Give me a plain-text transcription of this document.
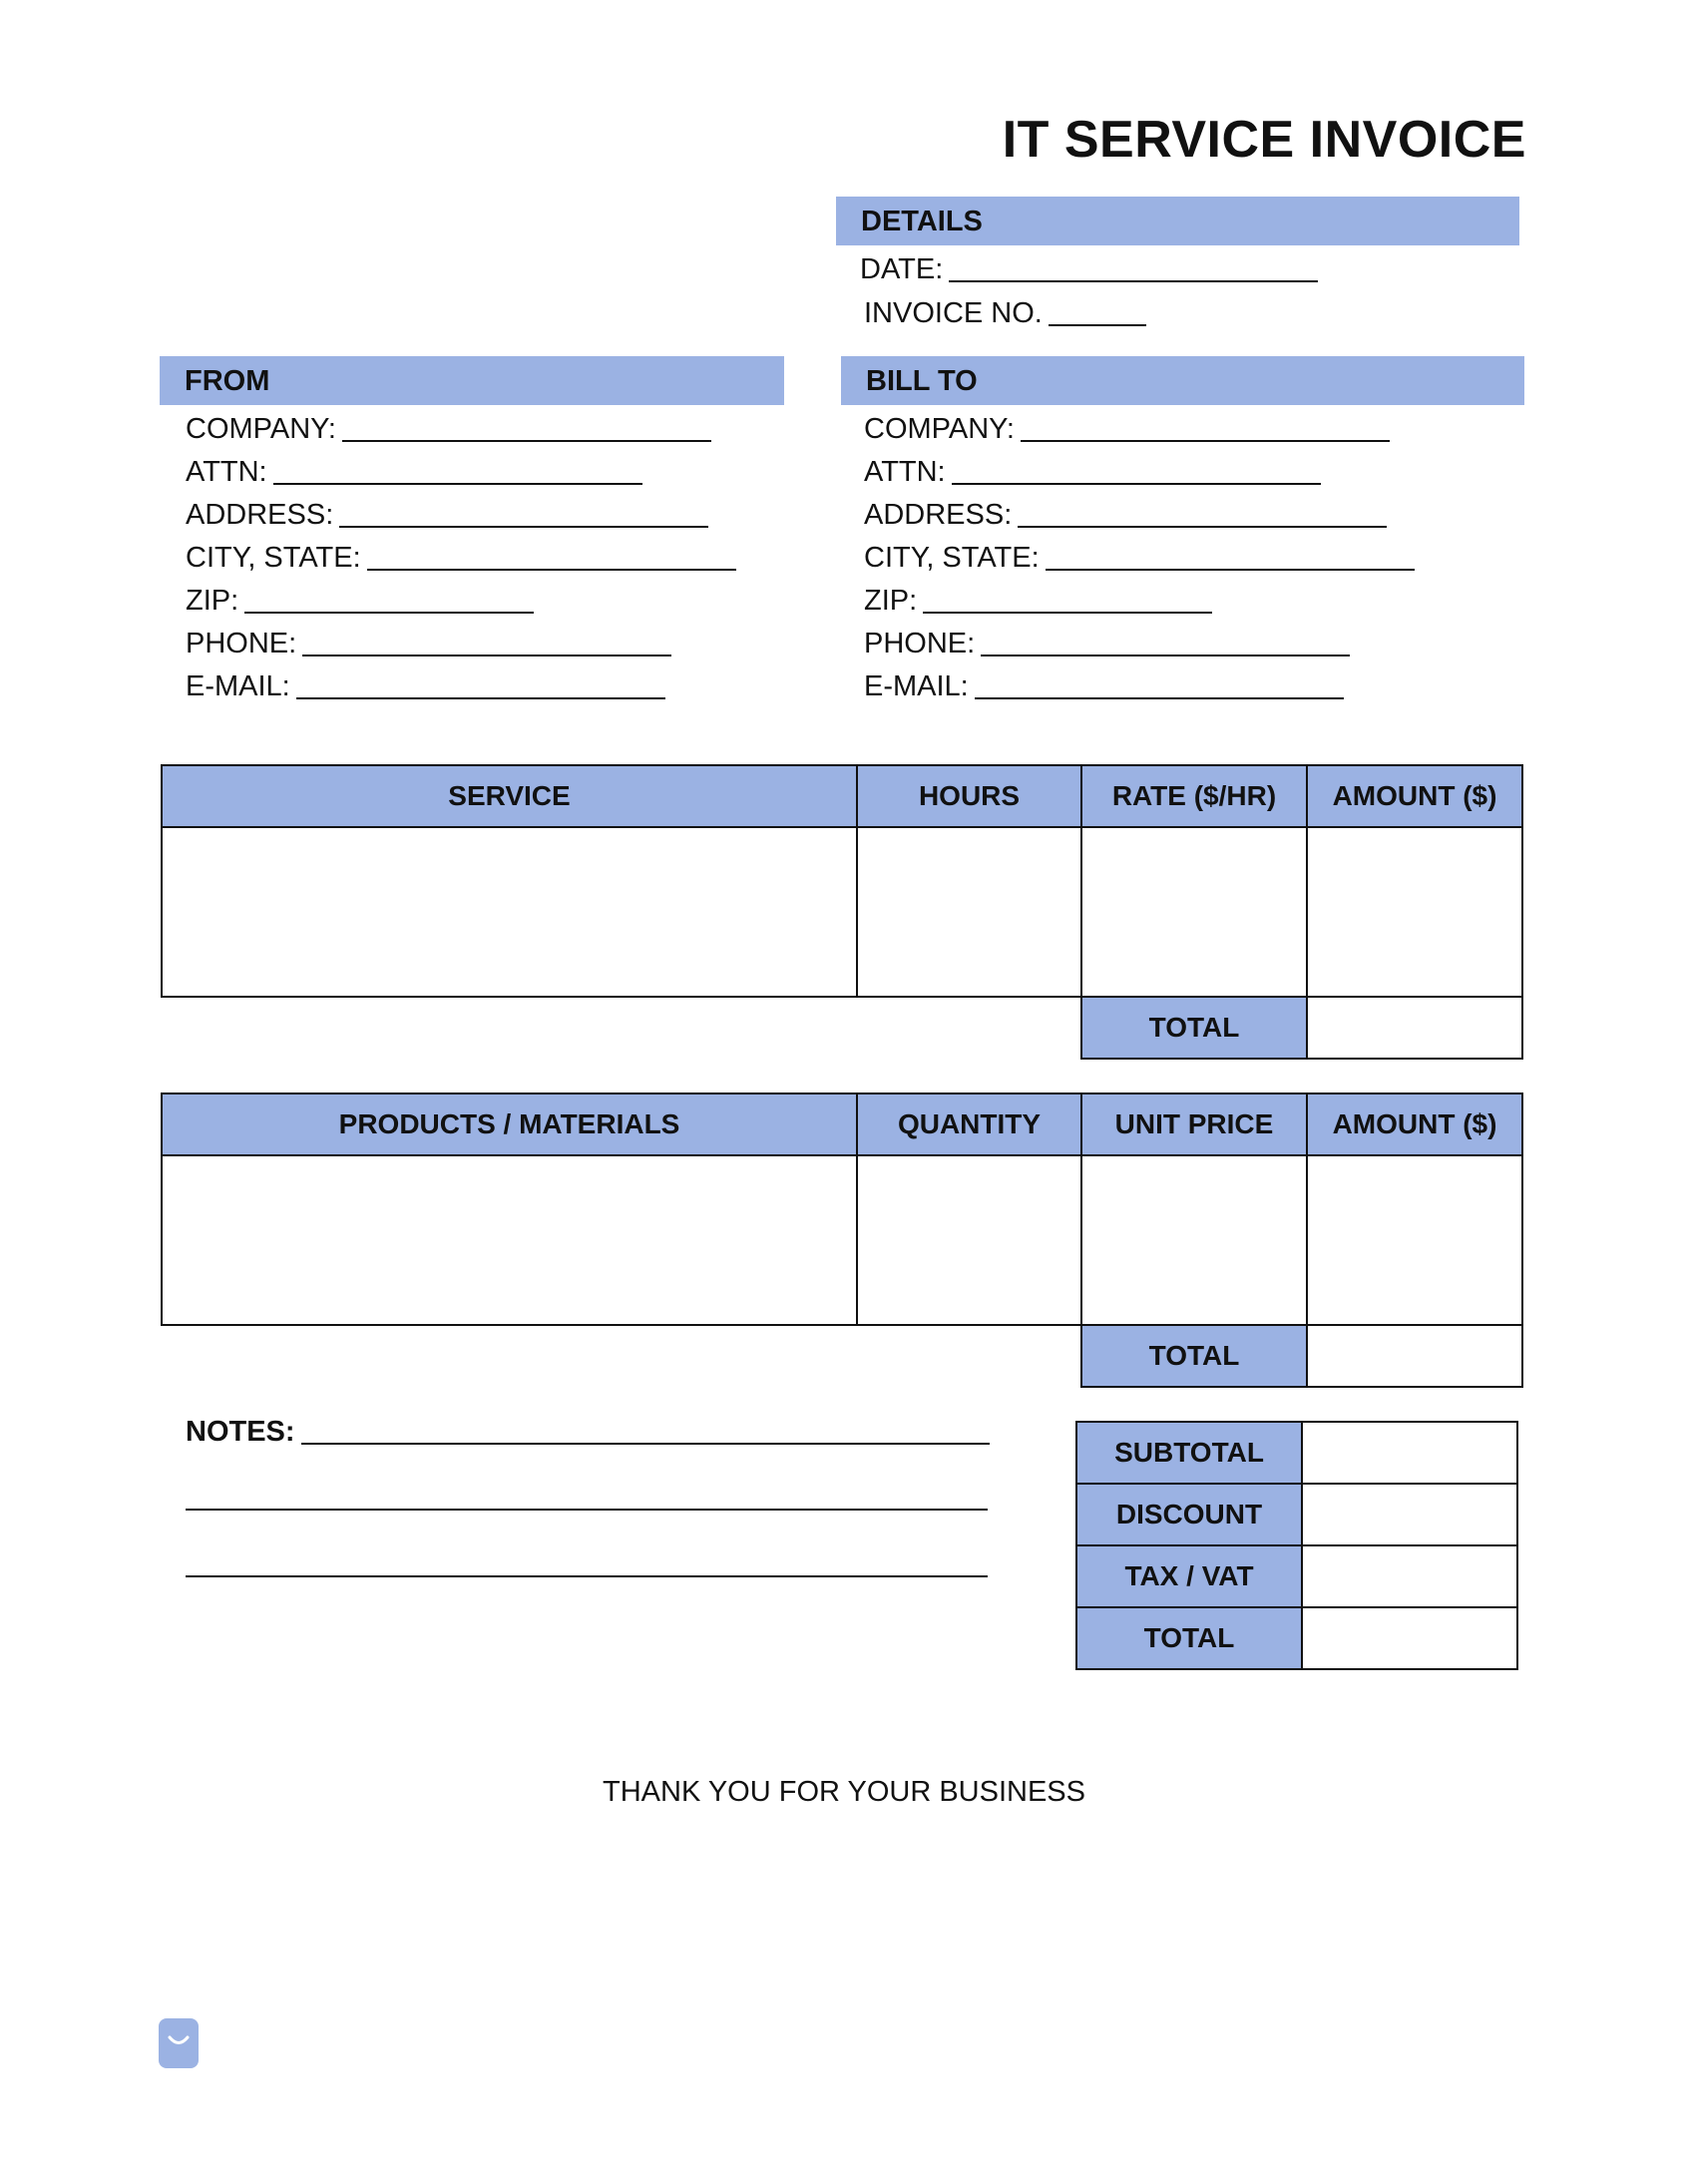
IT SERVICE INVOICE
DETAILS
DATE:
INVOICE NO.
FROM
COMPANY:
ATTN:
ADDRESS:
CITY, STATE:
ZIP:
PHONE:
E-MAIL:
BILL TO
COMPANY:
ATTN:
ADDRESS:
CITY, STATE:
ZIP:
PHONE:
E-MAIL:
SERVICE	HOURS	RATE ($/HR)	AMOUNT ($)

		TOTAL	
PRODUCTS / MATERIALS	QUANTITY	UNIT PRICE	AMOUNT ($)

		TOTAL	
NOTES:
SUBTOTAL	
DISCOUNT	
TAX / VAT	
TOTAL	
THANK YOU FOR YOUR BUSINESS
